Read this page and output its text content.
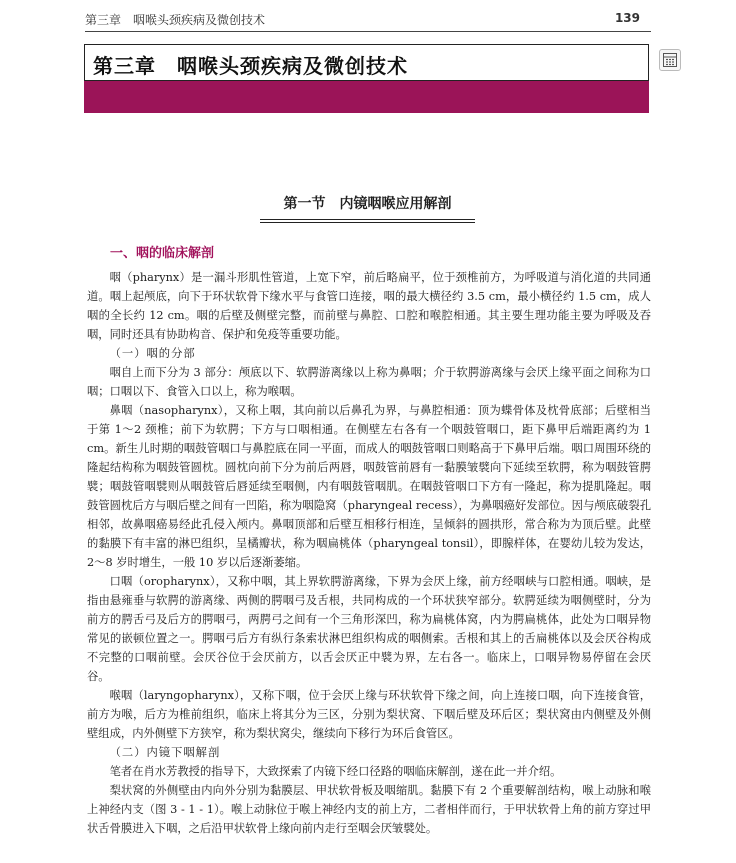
第三章　咽喉头颈疾病及微创技术	139
第三章　咽喉头颈疾病及微创技术
第一节　内镜咽喉应用解剖
一、咽的临床解剖

咽（pharynx）是一漏斗形肌性管道，上宽下窄，前后略扁平，位于颈椎前方，为呼吸道与消化道的共同通道。咽上起颅底，向下于环状软骨下缘水平与食管口连接，咽的最大横径约 3.5 cm，最小横径约 1.5 cm，成人咽的全长约 12 cm。咽的后壁及侧壁完整，而前壁与鼻腔、口腔和喉腔相通。其主要生理功能主要为呼吸及吞咽，同时还具有协助构音、保护和免疫等重要功能。

（一）咽的分部

咽自上而下分为 3 部分：颅底以下、软腭游离缘以上称为鼻咽；介于软腭游离缘与会厌上缘平面之间称为口咽；口咽以下、食管入口以上，称为喉咽。

鼻咽（nasopharynx），又称上咽，其向前以后鼻孔为界，与鼻腔相通：顶为蝶骨体及枕骨底部；后壁相当于第 1～2 颈椎；前下为软腭；下方与口咽相通。在侧壁左右各有一个咽鼓管咽口，距下鼻甲后端距离约为 1 cm。新生儿时期的咽鼓管咽口与鼻腔底在同一平面，而成人的咽鼓管咽口则略高于下鼻甲后端。咽口周围环绕的隆起结构称为咽鼓管圆枕。圆枕向前下分为前后两唇，咽鼓管前唇有一黏膜皱襞向下延续至软腭，称为咽鼓管腭襞；咽鼓管咽襞则从咽鼓管后唇延续至咽侧，内有咽鼓管咽肌。在咽鼓管咽口下方有一隆起，称为提肌隆起。咽鼓管圆枕后方与咽后壁之间有一凹陷，称为咽隐窝（pharyngeal recess），为鼻咽癌好发部位。因与颅底破裂孔相邻，故鼻咽癌易经此孔侵入颅内。鼻咽顶部和后壁互相移行相连，呈倾斜的圆拱形，常合称为为顶后壁。此壁的黏膜下有丰富的淋巴组织，呈橘瓣状，称为咽扁桃体（pharyngeal tonsil），即腺样体，在婴幼儿较为发达，2～8 岁时增生，一般 10 岁以后逐渐萎缩。

口咽（oropharynx），又称中咽，其上界软腭游离缘，下界为会厌上缘，前方经咽峡与口腔相通。咽峡，是指由悬雍垂与软腭的游离缘、两侧的腭咽弓及舌根，共同构成的一个环状狭窄部分。软腭延续为咽侧壁时，分为前方的腭舌弓及后方的腭咽弓，两腭弓之间有一个三角形深凹，称为扁桃体窝，内为腭扁桃体，此处为口咽异物常见的嵌顿位置之一。腭咽弓后方有纵行条索状淋巴组织构成的咽侧索。舌根和其上的舌扁桃体以及会厌谷构成不完整的口咽前壁。会厌谷位于会厌前方，以舌会厌正中襞为界，左右各一。临床上，口咽异物易停留在会厌谷。

喉咽（laryngopharynx），又称下咽，位于会厌上缘与环状软骨下缘之间，向上连接口咽，向下连接食管，前方为喉，后方为椎前组织，临床上将其分为三区，分别为梨状窝、下咽后壁及环后区；梨状窝由内侧壁及外侧壁组成，内外侧壁下方狭窄，称为梨状窝尖，继续向下移行为环后食管区。

（二）内镜下咽解剖

笔者在肖水芳教授的指导下，大致探索了内镜下经口径路的咽临床解剖，遂在此一并介绍。

梨状窝的外侧壁由内向外分别为黏膜层、甲状软骨板及咽缩肌。黏膜下有 2 个重要解剖结构，喉上动脉和喉上神经内支（图 3 - 1 - 1）。喉上动脉位于喉上神经内支的前上方，二者相伴而行，于甲状软骨上角的前方穿过甲状舌骨膜进入下咽，之后沿甲状软骨上缘向前内走行至咽会厌皱襞处。
